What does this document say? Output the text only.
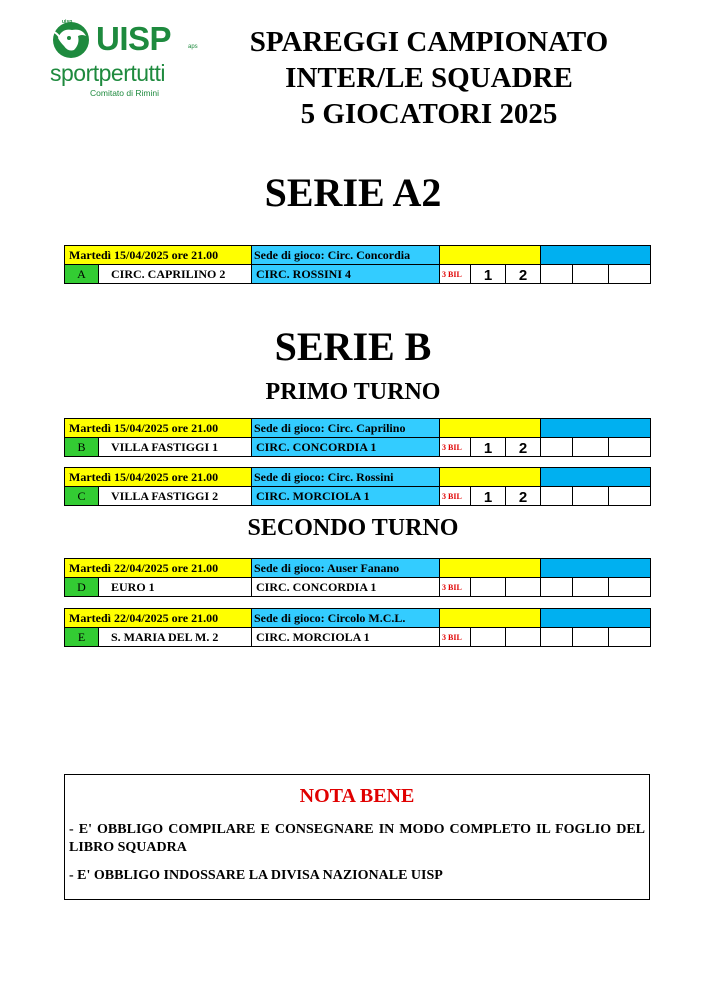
uisp UISP	aps
sportpertutti
Comitato di Rimini
SPAREGGI CAMPIONATO
INTER/LE SQUADRE
5 GIOCATORI 2025
SERIE A2
Martedì 15/04/2025 ore 21.00		Sede di gioco: Circ. Concordia						
A	CIRC. CAPRILINO 2	CIRC. ROSSINI 4	3 BIL	1	2			
SERIE B
PRIMO TURNO
Martedì 15/04/2025 ore 21.00		Sede di gioco: Circ. Caprilino						
B	VILLA FASTIGGI 1	CIRC. CONCORDIA 1	3 BIL	1	2			
Martedì 15/04/2025 ore 21.00		Sede di gioco: Circ. Rossini						
C	VILLA FASTIGGI 2	CIRC. MORCIOLA 1	3 BIL	1	2			
SECONDO TURNO
Martedì 22/04/2025 ore 21.00		Sede di gioco: Auser Fanano						
D	EURO 1	CIRC. CONCORDIA 1	3 BIL					
Martedì 22/04/2025 ore 21.00		Sede di gioco: Circolo M.C.L.						
E	S. MARIA DEL M. 2	CIRC. MORCIOLA 1	3 BIL					
NOTA BENE
- E' OBBLIGO COMPILARE E CONSEGNARE IN MODO COMPLETO IL FOGLIO DEL LIBRO SQUADRA
- E' OBBLIGO INDOSSARE LA DIVISA NAZIONALE UISP
